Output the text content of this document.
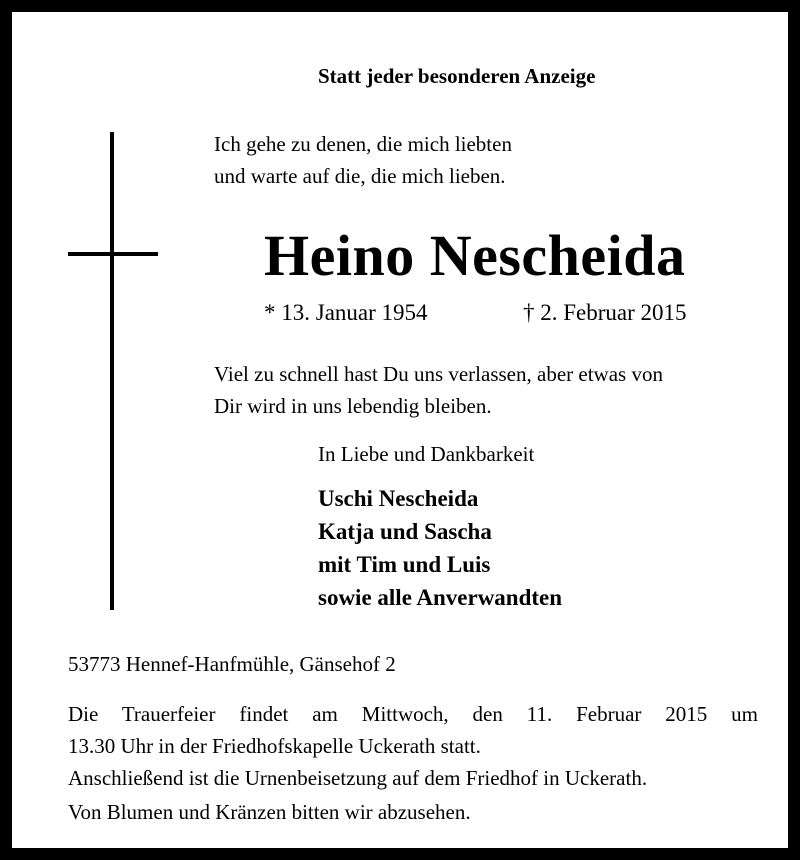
Statt jeder besonderen Anzeige
Ich gehe zu denen, die mich liebten
und warte auf die, die mich lieben.
Heino Nescheida
* 13. Januar 1954	† 2. Februar 2015
Viel zu schnell hast Du uns verlassen, aber etwas von
Dir wird in uns lebendig bleiben.
In Liebe und Dankbarkeit
Uschi Nescheida
Katja und Sascha
mit Tim und Luis
sowie alle Anverwandten
53773 Hennef-Hanfmühle, Gänsehof 2
Die Trauerfeier findet am Mittwoch, den 11. Februar 2015 um
13.30 Uhr in der Friedhofskapelle Uckerath statt.
Anschließend ist die Urnenbeisetzung auf dem Friedhof in Uckerath.
Von Blumen und Kränzen bitten wir abzusehen.
